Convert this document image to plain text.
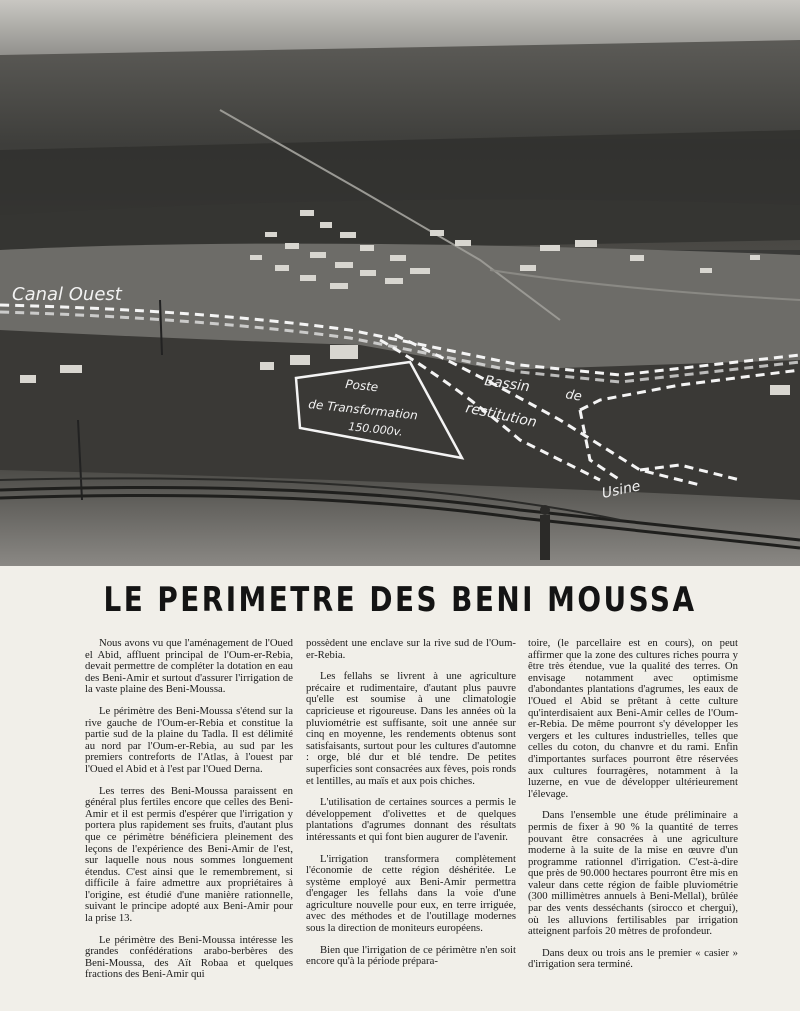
Canal Ouest
Poste
de Transformation
150.000v.
Bassin
de
restitution
Usine
LE PERIMETRE DES BENI MOUSSA

Nous avons vu que l'aménagement de l'Oued el Abid, affluent principal de l'Oum-er-Rebia, devait permettre de compléter la dotation en eau des Beni-Amir et surtout d'assurer l'irrigation de la vaste plaine des Beni-Moussa.

Le périmètre des Beni-Moussa s'étend sur la rive gauche de l'Oum-er-Rebia et constitue la partie sud de la plaine du Tadla. Il est délimité au nord par l'Oum-er-Rebia, au sud par les premiers contreforts de l'Atlas, à l'ouest par l'Oued el Abid et à l'est par l'Oued Derna.

Les terres des Beni-Moussa paraissent en général plus fertiles encore que celles des Beni-Amir et il est permis d'espérer que l'irrigation y portera plus rapidement ses fruits, d'autant plus que ce périmètre bénéficiera pleinement des leçons de l'expérience des Beni-Amir de l'est, sur laquelle nous nous sommes longuement étendus. C'est ainsi que le remembrement, si difficile à faire admettre aux propriétaires à l'origine, est étudié d'une manière rationnelle, suivant le principe adopté aux Beni-Amir pour la prise 13.

Le périmètre des Beni-Moussa intéresse les grandes confédérations arabo-berbères des Beni-Moussa, des Aït Robaa et quelques fractions des Beni-Amir qui

possèdent une enclave sur la rive sud de l'Oum-er-Rebia.

Les fellahs se livrent à une agriculture précaire et rudimentaire, d'autant plus pauvre qu'elle est soumise à une climatologie capricieuse et rigoureuse. Dans les années où la pluviométrie est suffisante, soit une année sur cinq en moyenne, les rendements obtenus sont satisfaisants, surtout pour les cultures d'automne : orge, blé dur et blé tendre. De petites superficies sont consacrées aux fèves, pois ronds et lentilles, au maïs et aux pois chiches.

L'utilisation de certaines sources a permis le développement d'olivettes et de quelques plantations d'agrumes donnant des résultats intéressants et qui font bien augurer de l'avenir.

L'irrigation transformera complètement l'économie de cette région déshéritée. Le système employé aux Beni-Amir permettra d'engager les fellahs dans la voie d'une agriculture nouvelle pour eux, en terre irriguée, avec des méthodes et de l'outillage modernes sous la direction de moniteurs européens.

Bien que l'irrigation de ce périmètre n'en soit encore qu'à la période prépara-

toire, (le parcellaire est en cours), on peut affirmer que la zone des cultures riches pourra y être très étendue, vue la qualité des terres. On envisage notamment avec optimisme d'abondantes plantations d'agrumes, les eaux de l'Oued el Abid se prêtant à cette culture qu'interdisaient aux Beni-Amir celles de l'Oum-er-Rebia. De même pourront s'y développer les vergers et les cultures industrielles, telles que celles du coton, du chanvre et du rami. Enfin d'importantes surfaces pourront être réservées aux cultures fourragères, notamment à la luzerne, en vue de développer ultérieurement l'élevage.

Dans l'ensemble une étude préliminaire a permis de fixer à 90 % la quantité de terres pouvant être consacrées à une agriculture moderne à la suite de la mise en œuvre d'un programme rationnel d'irrigation. C'est-à-dire que près de 90.000 hectares pourront être mis en valeur dans cette région de faible pluviométrie (300 millimètres annuels à Beni-Mellal), brûlée par des vents desséchants (sirocco et chergui), où les alluvions fertilisables par irrigation atteignent parfois 20 mètres de profondeur.

Dans deux ou trois ans le premier « casier » d'irrigation sera terminé.
